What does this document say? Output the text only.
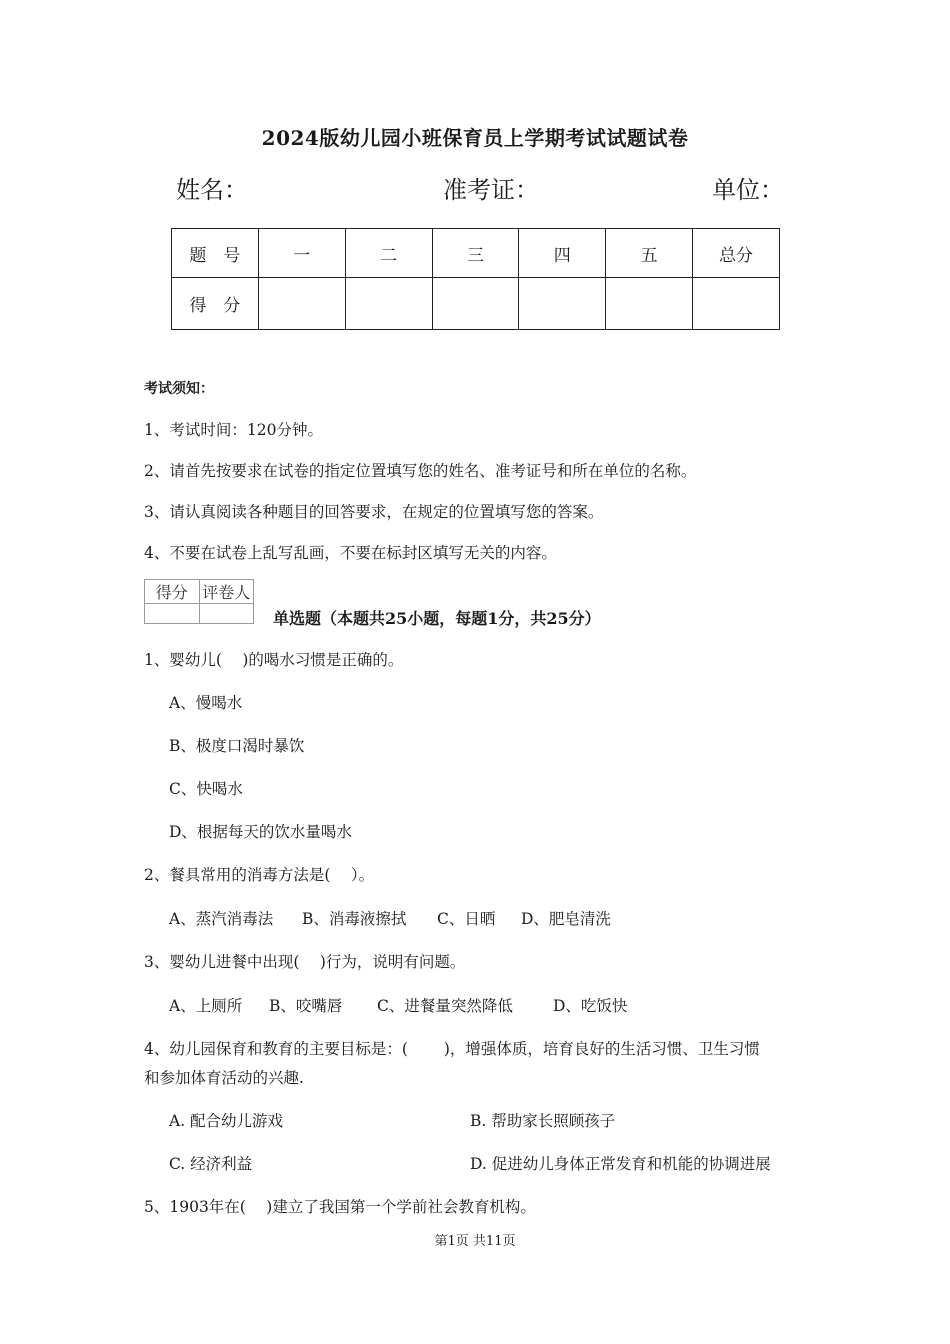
2024版幼儿园小班保育员上学期考试试题试卷
姓名：	准考证：	单位：
题　号	一	二	三	四	五	总分
得　分						
考试须知：
1、考试时间：120分钟。
2、请首先按要求在试卷的指定位置填写您的姓名、准考证号和所在单位的名称。
3、请认真阅读各种题目的回答要求，在规定的位置填写您的答案。
4、不要在试卷上乱写乱画，不要在标封区填写无关的内容。
得分	评卷人

单选题（本题共25小题，每题1分，共25分）
1、婴幼儿(　 )的喝水习惯是正确的。
A、慢喝水
B、极度口渴时暴饮
C、快喝水
D、根据每天的饮水量喝水
2、餐具常用的消毒方法是(　 ）。
A、蒸汽消毒法 B、消毒液擦拭 C、日晒 D、肥皂清洗
3、婴幼儿进餐中出现(　 )行为，说明有问题。
A、上厕所 B、咬嘴唇 C、进餐量突然降低	D、吃饭快
4、幼儿园保育和教育的主要目标是：(　　 )，增强体质，培育良好的生活习惯、卫生习惯
和参加体育活动的兴趣.
A. 配合幼儿游戏	B. 帮助家长照顾孩子
C. 经济利益	D. 促进幼儿身体正常发育和机能的协调进展
5、1903年在(　 )建立了我国第一个学前社会教育机构。
第1页 共11页
